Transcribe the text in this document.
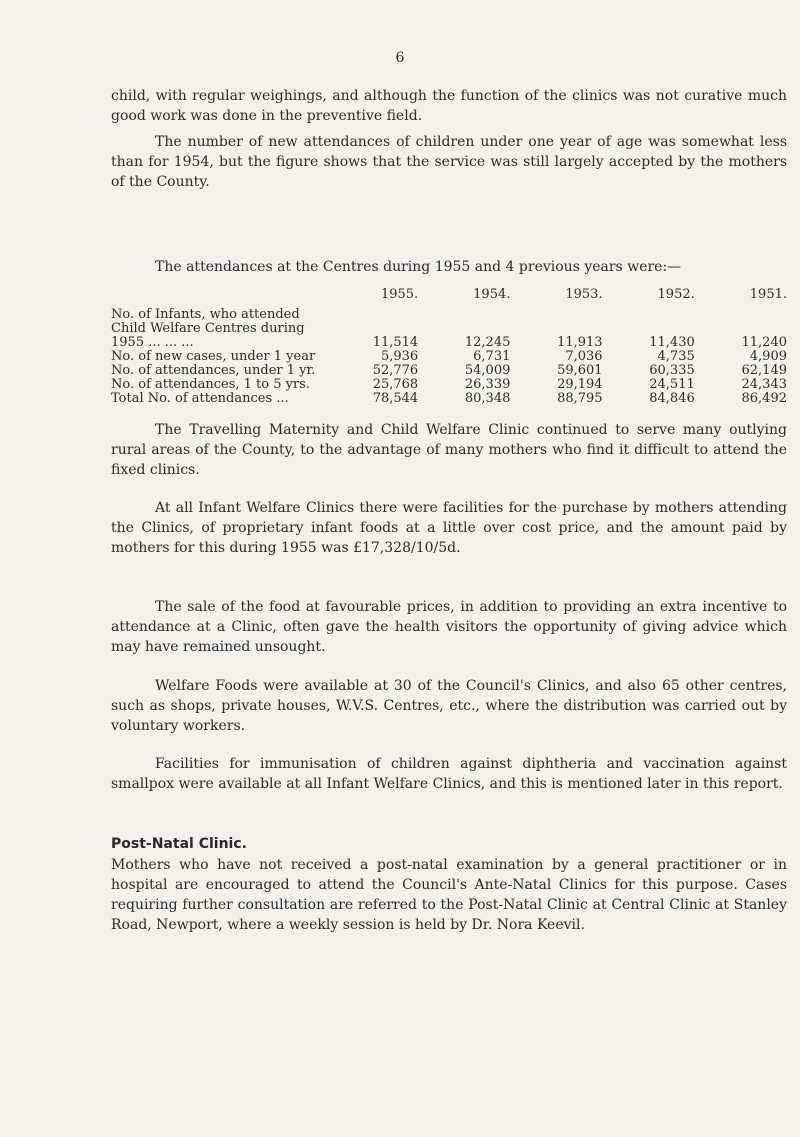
6

child, with regular weighings, and although the function of the clinics was not curative much good work was done in the preventive field.

The number of new attendances of children under one year of age was somewhat less than for 1954, but the figure shows that the service was still largely accepted by the mothers of the County.

The attendances at the Centres during 1955 and 4 previous years were:—

	1955.	1954.	1953.	1952.	1951.
No. of Infants, who attended Child Welfare Centres during 1955 ... ... ...	11,514	12,245	11,913	11,430	11,240
No. of new cases, under 1 year	5,936	6,731	7,036	4,735	4,909
No. of attendances, under 1 yr.	52,776	54,009	59,601	60,335	62,149
No. of attendances, 1 to 5 yrs.	25,768	26,339	29,194	24,511	24,343
Total No. of attendances ...	78,544	80,348	88,795	84,846	86,492

The Travelling Maternity and Child Welfare Clinic continued to serve many outlying rural areas of the County, to the advantage of many mothers who find it difficult to attend the fixed clinics.

At all Infant Welfare Clinics there were facilities for the purchase by mothers attending the Clinics, of proprietary infant foods at a little over cost price, and the amount paid by mothers for this during 1955 was £17,328/10/5d.

The sale of the food at favourable prices, in addition to providing an extra incentive to attendance at a Clinic, often gave the health visitors the opportunity of giving advice which may have remained unsought.

Welfare Foods were available at 30 of the Council's Clinics, and also 65 other centres, such as shops, private houses, W.V.S. Centres, etc., where the distribution was carried out by voluntary workers.

Facilities for immunisation of children against diphtheria and vaccination against smallpox were available at all Infant Welfare Clinics, and this is mentioned later in this report.

Post-Natal Clinic.

Mothers who have not received a post-natal examination by a general practitioner or in hospital are encouraged to attend the Council's Ante-Natal Clinics for this purpose. Cases requiring further consultation are referred to the Post-Natal Clinic at Central Clinic at Stanley Road, Newport, where a weekly session is held by Dr. Nora Keevil.
